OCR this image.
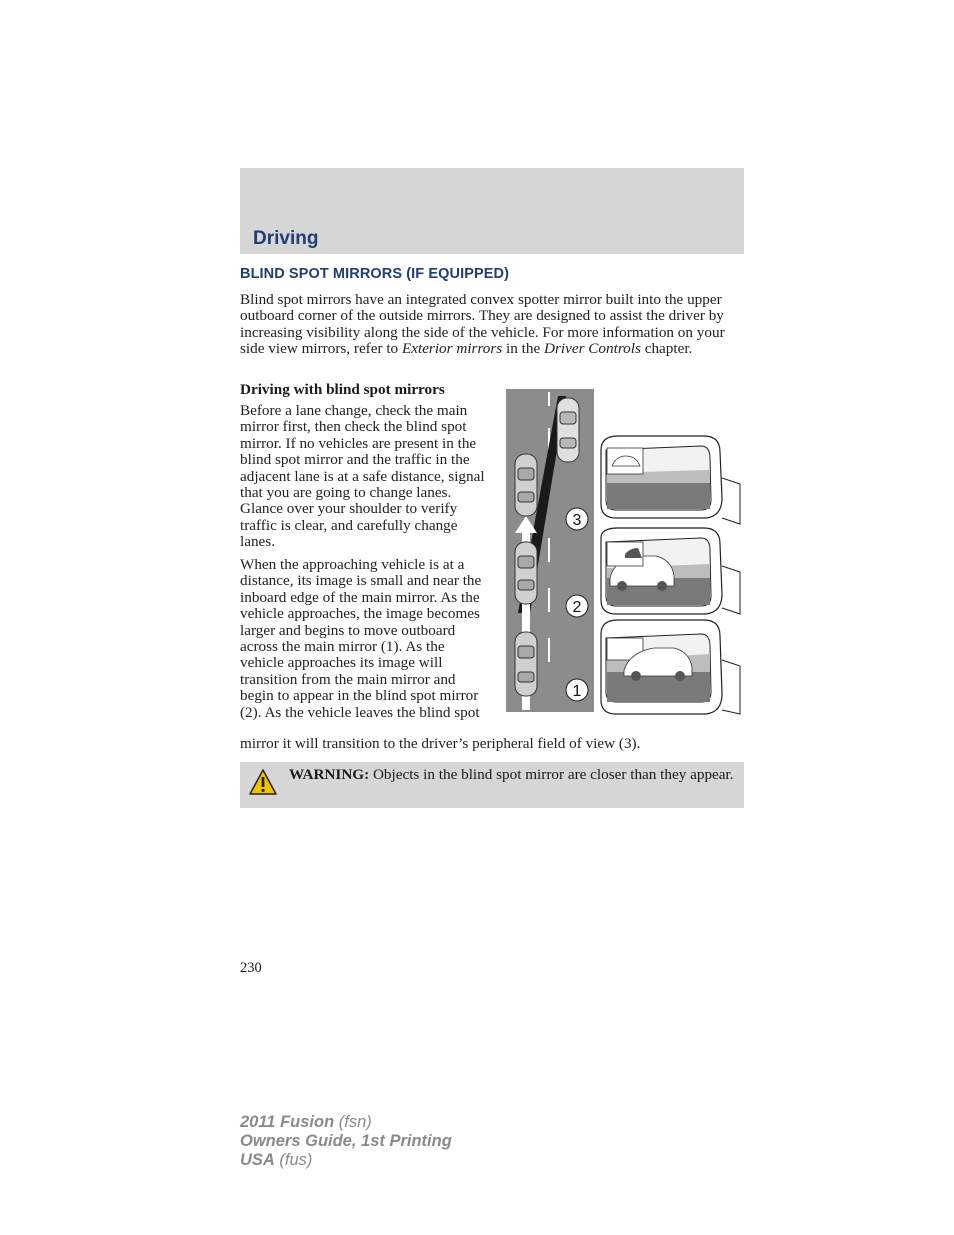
Driving
BLIND SPOT MIRRORS (IF EQUIPPED)
Blind spot mirrors have an integrated convex spotter mirror built into the upper outboard corner of the outside mirrors. They are designed to assist the driver by increasing visibility along the side of the vehicle. For more information on your side view mirrors, refer to Exterior mirrors in the Driver Controls chapter.
Driving with blind spot mirrors
Before a lane change, check the main mirror first, then check the blind spot mirror. If no vehicles are present in the blind spot mirror and the traffic in the adjacent lane is at a safe distance, signal that you are going to change lanes. Glance over your shoulder to verify traffic is clear, and carefully change lanes.
When the approaching vehicle is at a distance, its image is small and near the inboard edge of the main mirror. As the vehicle approaches, the image becomes larger and begins to move outboard across the main mirror (1). As the vehicle approaches its image will transition from the main mirror and begin to appear in the blind spot mirror (2). As the vehicle leaves the blind spot
mirror it will transition to the driver’s peripheral field of view (3).
3
2
1
WARNING: Objects in the blind spot mirror are closer than they appear.
230
2011 Fusion (fsn)
Owners Guide, 1st Printing
USA (fus)
